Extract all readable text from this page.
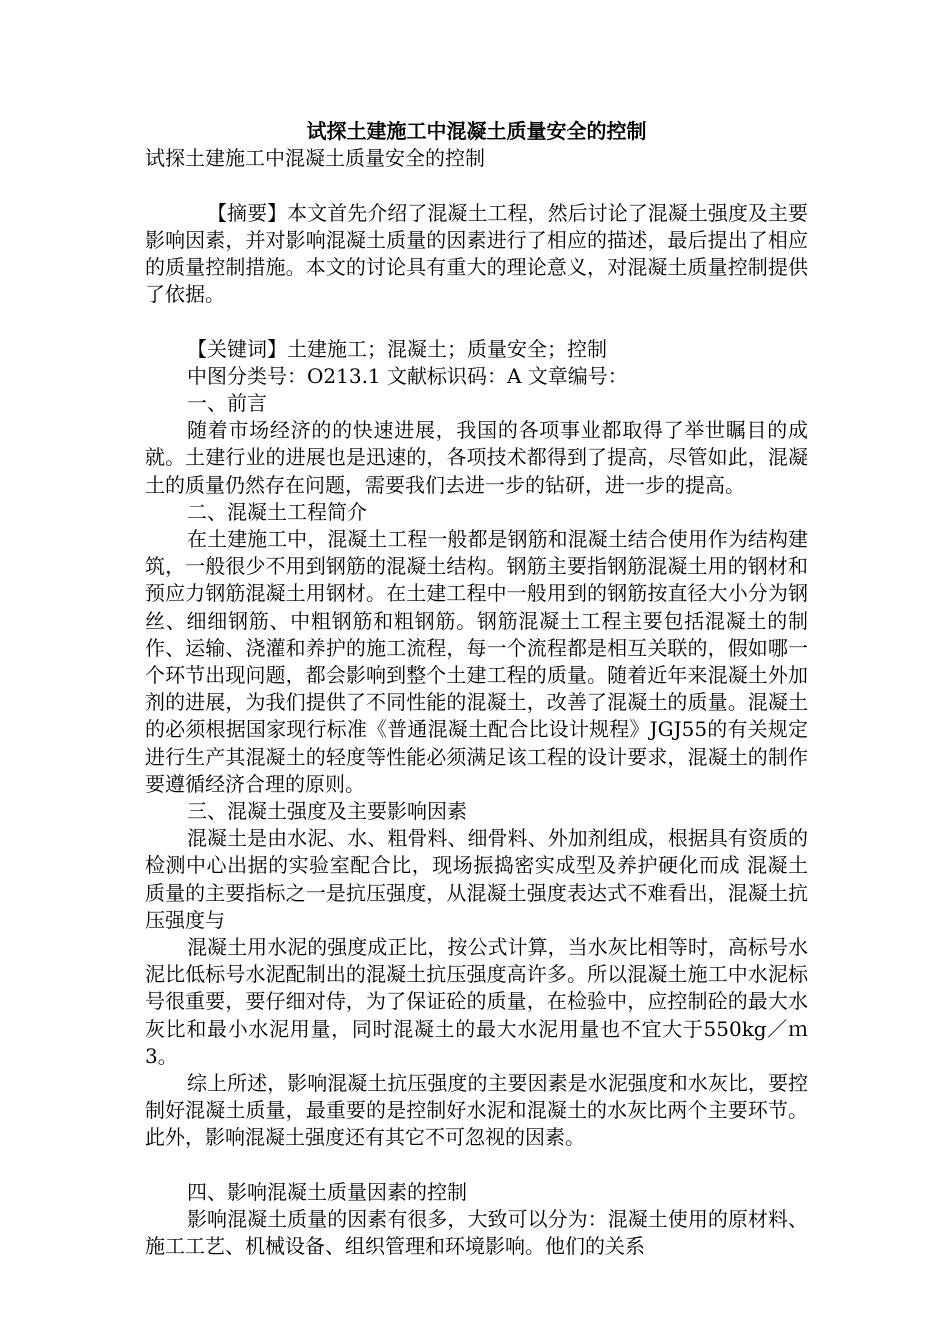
试探土建施工中混凝土质量安全的控制
试探土建施工中混凝土质量安全的控制
【摘要】本文首先介绍了混凝土工程，然后讨论了混凝土强度及主要影响因素，并对影响混凝土质量的因素进行了相应的描述，最后提出了相应的质量控制措施。本文的讨论具有重大的理论意义，对混凝土质量控制提供了依据。
【关键词】土建施工；混凝土；质量安全；控制
中图分类号：O213.1 文献标识码：A 文章编号：
一、前言
随着市场经济的的快速进展，我国的各项事业都取得了举世瞩目的成就。土建行业的进展也是迅速的，各项技术都得到了提高，尽管如此，混凝土的质量仍然存在问题，需要我们去进一步的钻研，进一步的提高。
二、混凝土工程简介
在土建施工中，混凝土工程一般都是钢筋和混凝土结合使用作为结构建筑，一般很少不用到钢筋的混凝土结构。钢筋主要指钢筋混凝土用的钢材和预应力钢筋混凝土用钢材。在土建工程中一般用到的钢筋按直径大小分为钢丝、细细钢筋、中粗钢筋和粗钢筋。钢筋混凝土工程主要包括混凝土的制作、运输、浇灌和养护的施工流程，每一个流程都是相互关联的，假如哪一个环节出现问题，都会影响到整个土建工程的质量。随着近年来混凝土外加剂的进展，为我们提供了不同性能的混凝土，改善了混凝土的质量。混凝土的必须根据国家现行标准《普通混凝土配合比设计规程》JGJ55的有关规定进行生产其混凝土的轻度等性能必须满足该工程的设计要求，混凝土的制作要遵循经济合理的原则。
三、混凝土强度及主要影响因素
混凝土是由水泥、水、粗骨料、细骨料、外加剂组成，根据具有资质的检测中心出据的实验室配合比，现场振捣密实成型及养护硬化而成 混凝土质量的主要指标之一是抗压强度，从混凝土强度表达式不难看出，混凝土抗压强度与
混凝土用水泥的强度成正比，按公式计算，当水灰比相等时，高标号水泥比低标号水泥配制出的混凝土抗压强度高许多。所以混凝土施工中水泥标号很重要，要仔细对侍，为了保证砼的质量，在检验中，应控制砼的最大水灰比和最小水泥用量，同时混凝土的最大水泥用量也不宜大于550kg／ｍ 3。
综上所述，影响混凝土抗压强度的主要因素是水泥强度和水灰比，要控制好混凝土质量，最重要的是控制好水泥和混凝土的水灰比两个主要环节。此外，影响混凝土强度还有其它不可忽视的因素。
四、影响混凝土质量因素的控制
影响混凝土质量的因素有很多，大致可以分为：混凝土使用的原材料、施工工艺、机械设备、组织管理和环境影响。他们的关系
